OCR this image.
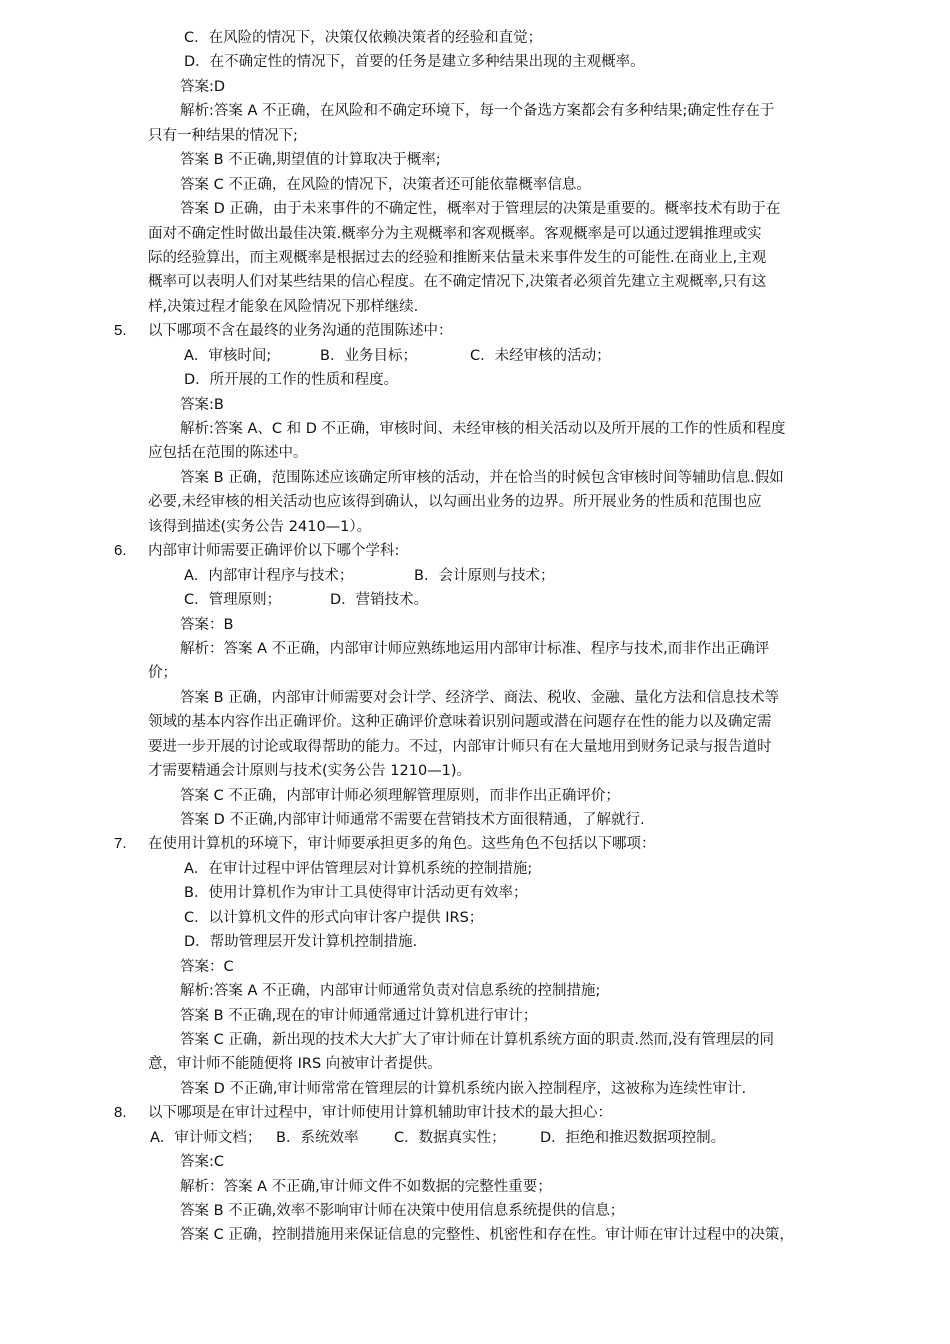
C．在风险的情况下，决策仅依赖决策者的经验和直觉；

D．在不确定性的情况下，首要的任务是建立多种结果出现的主观概率。

答案:D

解析:答案 A 不正确，在风险和不确定环境下，每一个备选方案都会有多种结果;确定性存在于

只有一种结果的情况下;

答案 B 不正确,期望值的计算取决于概率;

答案 C 不正确，在风险的情况下，决策者还可能依靠概率信息。

答案 D 正确，由于未来事件的不确定性，概率对于管理层的决策是重要的。概率技术有助于在

面对不确定性时做出最佳决策.概率分为主观概率和客观概率。客观概率是可以通过逻辑推理或实

际的经验算出，而主观概率是根据过去的经验和推断来估量未来事件发生的可能性.在商业上,主观

概率可以表明人们对某些结果的信心程度。在不确定情况下,决策者必须首先建立主观概率,只有这

样,决策过程才能象在风险情况下那样继续.

5. 以下哪项不含在最终的业务沟通的范围陈述中：

A．审核时间;	B．业务目标；	C．未经审核的活动；

D．所开展的工作的性质和程度。

答案:B

解析:答案 A、C 和 D 不正确，审核时间、未经审核的相关活动以及所开展的工作的性质和程度

应包括在范围的陈述中。

答案 B 正确，范围陈述应该确定所审核的活动，并在恰当的时候包含审核时间等辅助信息.假如

必要,未经审核的相关活动也应该得到确认，以勾画出业务的边界。所开展业务的性质和范围也应

该得到描述(实务公告 2410—1）。

6. 内部审计师需要正确评价以下哪个学科:

A．内部审计程序与技术；	B．会计原则与技术；

C．管理原则；	D．营销技术。

答案：B

解析：答案 A 不正确，内部审计师应熟练地运用内部审计标准、程序与技术,而非作出正确评

价；

答案 B 正确，内部审计师需要对会计学、经济学、商法、税收、金融、量化方法和信息技术等

领域的基本内容作出正确评价。这种正确评价意味着识别问题或潜在问题存在性的能力以及确定需

要进一步开展的讨论或取得帮助的能力。不过，内部审计师只有在大量地用到财务记录与报告道时

才需要精通会计原则与技术(实务公告 1210—1)。

答案 C 不正确，内部审计师必须理解管理原则，而非作出正确评价；

答案 D 不正确,内部审计师通常不需要在营销技术方面很精通，了解就行.

7. 在使用计算机的环境下，审计师要承担更多的角色。这些角色不包括以下哪项：

A．在审计过程中评估管理层对计算机系统的控制措施;

B．使用计算机作为审计工具使得审计活动更有效率；

C．以计算机文件的形式向审计客户提供 IRS；

D．帮助管理层开发计算机控制措施.

答案：C

解析:答案 A 不正确，内部审计师通常负责对信息系统的控制措施;

答案 B 不正确,现在的审计师通常通过计算机进行审计；

答案 C 正确，新出现的技术大大扩大了审计师在计算机系统方面的职责.然而,没有管理层的同

意，审计师不能随便将 IRS 向被审计者提供。

答案 D 不正确,审计师常常在管理层的计算机系统内嵌入控制程序，这被称为连续性审计.

8. 以下哪项是在审计过程中，审计师使用计算机辅助审计技术的最大担心：

A．审计师文档； B．系统效率 C．数据真实性； D．拒绝和推迟数据项控制。

答案:C

解析：答案 A 不正确,审计师文件不如数据的完整性重要；

答案 B 不正确,效率不影响审计师在决策中使用信息系统提供的信息；

答案 C 正确，控制措施用来保证信息的完整性、机密性和存在性。审计师在审计过程中的决策，
